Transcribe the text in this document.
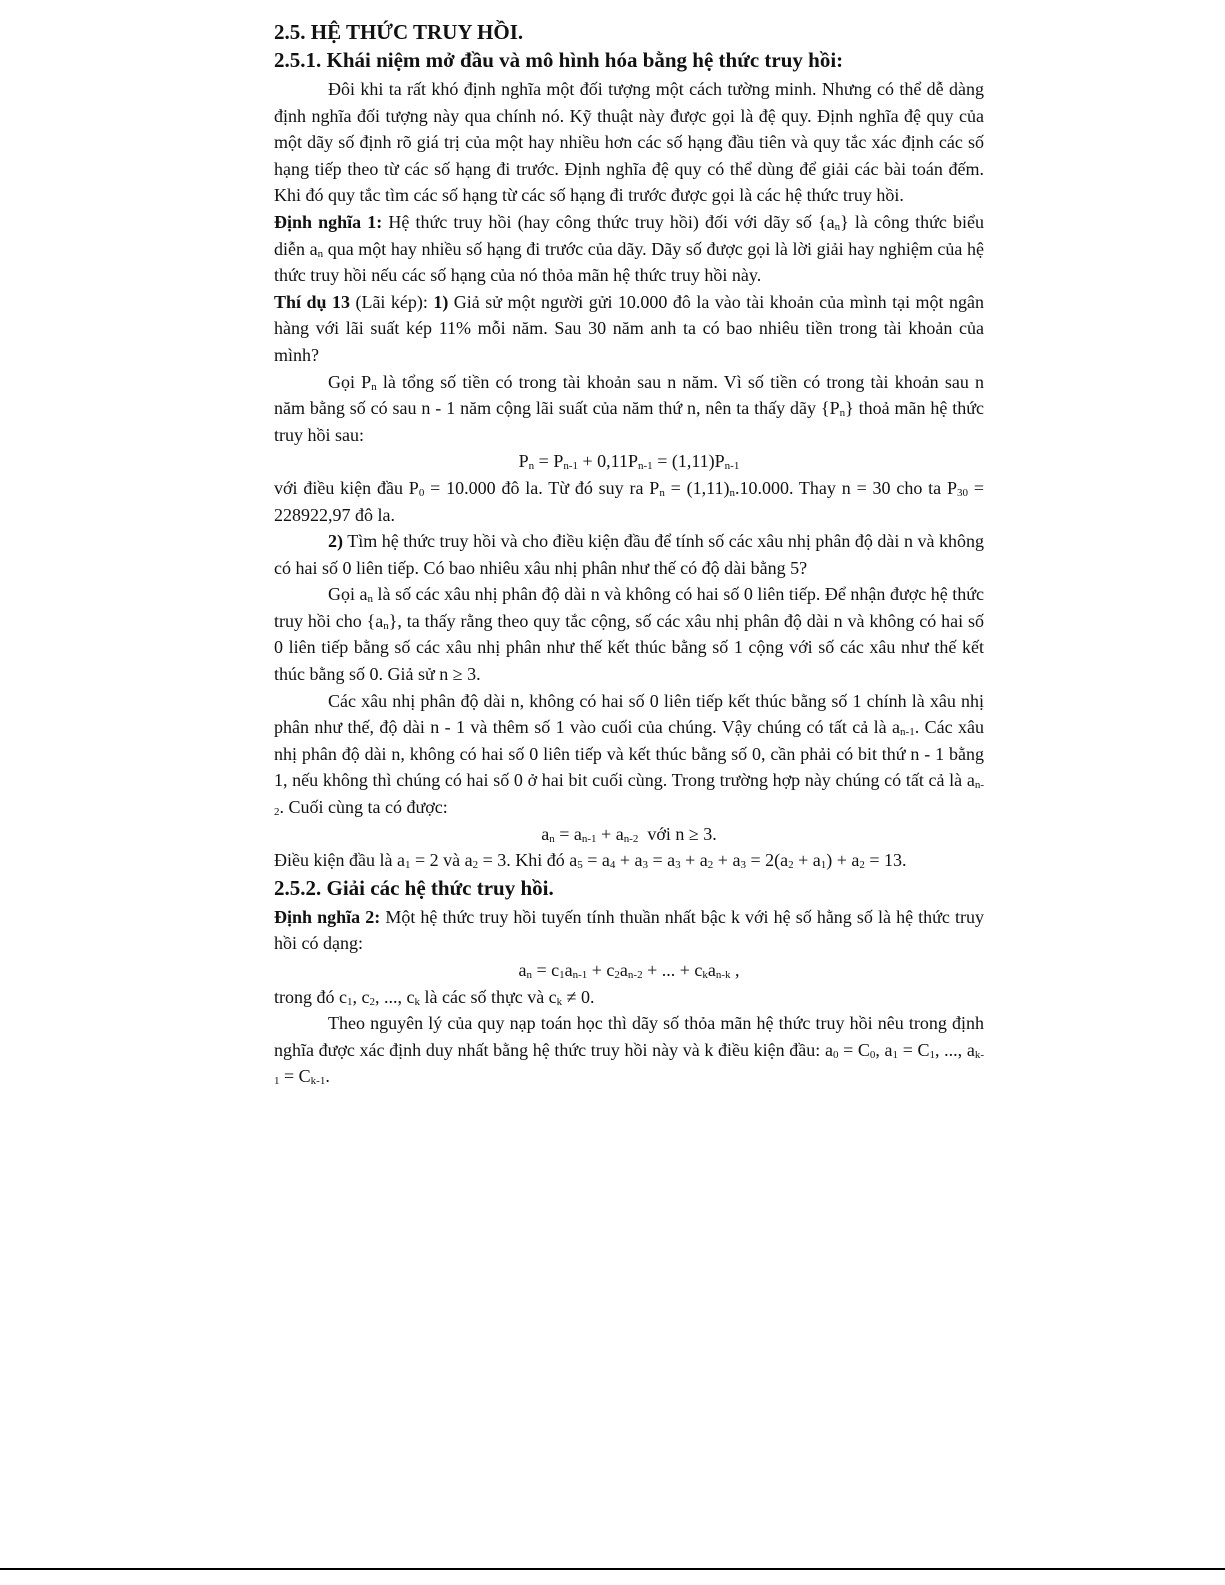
2.5. HỆ THỨC TRUY HỒI.
2.5.1. Khái niệm mở đầu và mô hình hóa bằng hệ thức truy hồi:

Đôi khi ta rất khó định nghĩa một đối tượng một cách tường minh. Nhưng có thể dễ dàng định nghĩa đối tượng này qua chính nó. Kỹ thuật này được gọi là đệ quy. Định nghĩa đệ quy của một dãy số định rõ giá trị của một hay nhiều hơn các số hạng đầu tiên và quy tắc xác định các số hạng tiếp theo từ các số hạng đi trước. Định nghĩa đệ quy có thể dùng để giải các bài toán đếm. Khi đó quy tắc tìm các số hạng từ các số hạng đi trước được gọi là các hệ thức truy hồi.

Định nghĩa 1: Hệ thức truy hồi (hay công thức truy hồi) đối với dãy số $\{a_n\}$ là công thức biểu diễn $a_n$ qua một hay nhiều số hạng đi trước của dãy. Dãy số được gọi là lời giải hay nghiệm của hệ thức truy hồi nếu các số hạng của nó thỏa mãn hệ thức truy hồi này.

Thí dụ 13 (Lãi kép): 1) Giả sử một người gửi 10.000 đô la vào tài khoản của mình tại một ngân hàng với lãi suất kép 11% mỗi năm. Sau 30 năm anh ta có bao nhiêu tiền trong tài khoản của mình?

Gọi $P_n$ là tổng số tiền có trong tài khoản sau n năm. Vì số tiền có trong tài khoản sau n năm bằng số có sau n - 1 năm cộng lãi suất của năm thứ n, nên ta thấy dãy $\{P_n\}$ thoả mãn hệ thức truy hồi sau:

$P_n = P_{n-1} + 0,11P_{n-1} = (1,11)P_{n-1}$

với điều kiện đầu $P_0 = 10.000$ đô la. Từ đó suy ra $P_n = (1,11)_n.10.000$. Thay n = 30 cho ta $P_{30} = 228922,97$ đô la.

2) Tìm hệ thức truy hồi và cho điều kiện đầu để tính số các xâu nhị phân độ dài n và không có hai số 0 liên tiếp. Có bao nhiêu xâu nhị phân như thế có độ dài bằng 5?

Gọi $a_n$ là số các xâu nhị phân độ dài n và không có hai số 0 liên tiếp. Để nhận được hệ thức truy hồi cho $\{a_n\}$, ta thấy rằng theo quy tắc cộng, số các xâu nhị phân độ dài n và không có hai số 0 liên tiếp bằng số các xâu nhị phân như thế kết thúc bằng số 1 cộng với số các xâu như thế kết thúc bằng số 0. Giả sử n ≥ 3.

Các xâu nhị phân độ dài n, không có hai số 0 liên tiếp kết thúc bằng số 1 chính là xâu nhị phân như thế, độ dài n - 1 và thêm số 1 vào cuối của chúng. Vậy chúng có tất cả là $a_{n-1}$. Các xâu nhị phân độ dài n, không có hai số 0 liên tiếp và kết thúc bằng số 0, cần phải có bit thứ n - 1 bằng 1, nếu không thì chúng có hai số 0 ở hai bit cuối cùng. Trong trường hợp này chúng có tất cả là $a_{n-2}$. Cuối cùng ta có được:

$a_n = a_{n-1} + a_{n-2}$  với n ≥ 3.

Điều kiện đầu là $a_1 = 2$ và $a_2 = 3$. Khi đó $a_5 = a_4 + a_3 = a_3 + a_2 + a_3 = 2(a_2 + a_1) + a_2 = 13$.

2.5.2. Giải các hệ thức truy hồi.

Định nghĩa 2: Một hệ thức truy hồi tuyến tính thuần nhất bậc k với hệ số hằng số là hệ thức truy hồi có dạng:

$a_n = c_1a_{n-1} + c_2a_{n-2}$ + ... + $c_ka_{n-k}$ ,

trong đó $c_1$, $c_2$, ..., $c_k$ là các số thực và $c_k \ne 0$.

Theo nguyên lý của quy nạp toán học thì dãy số thỏa mãn hệ thức truy hồi nêu trong định nghĩa được xác định duy nhất bằng hệ thức truy hồi này và k điều kiện đầu: $a_0 = C_0$, $a_1 = C_1$, ..., $a_{k-1} = C_{k-1}$.
